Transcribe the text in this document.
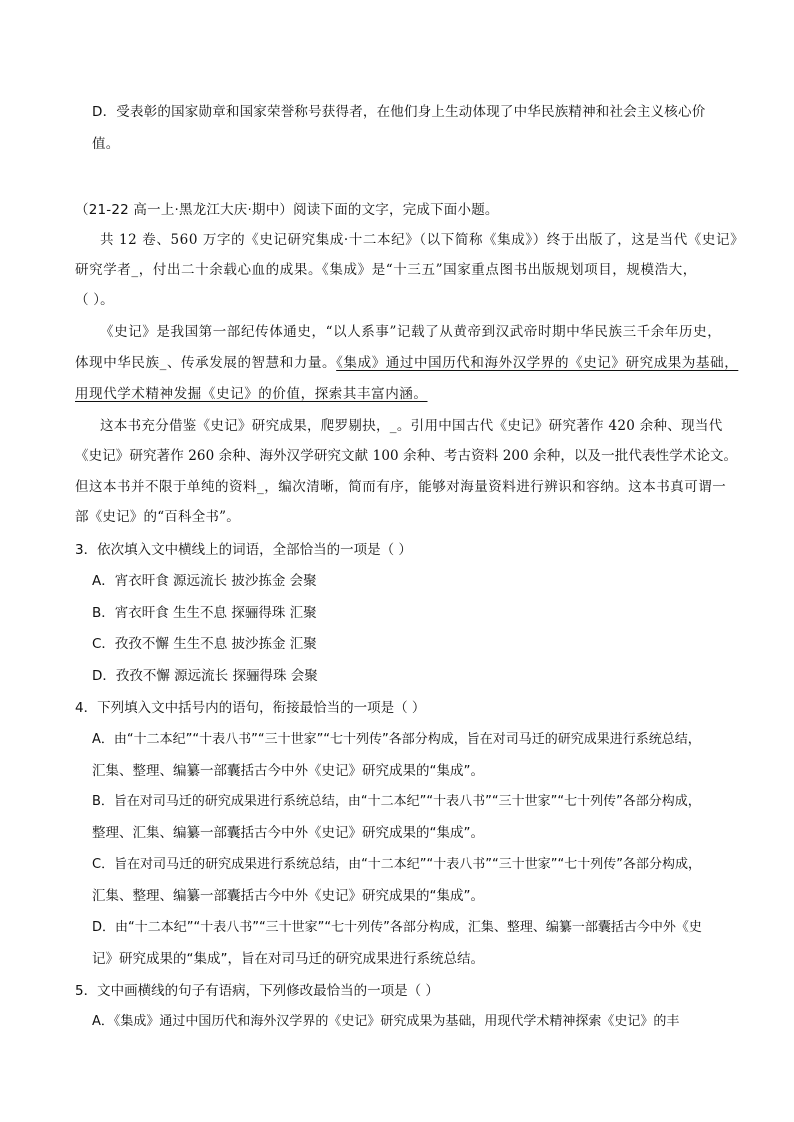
D．受表彰的国家勋章和国家荣誉称号获得者，在他们身上生动体现了中华民族精神和社会主义核心价
值。
（21-22 高一上·黑龙江大庆·期中）阅读下面的文字，完成下面小题。
共 12 卷、560 万字的《史记研究集成·十二本纪》（以下简称《集成》）终于出版了，这是当代《史记》
研究学者_，付出二十余载心血的成果。《集成》是“十三五”国家重点图书出版规划项目，规模浩大，
（ ）。
《史记》是我国第一部纪传体通史，“以人系事”记载了从黄帝到汉武帝时期中华民族三千余年历史，
体现中华民族_、传承发展的智慧和力量。《集成》通过中国历代和海外汉学界的《史记》研究成果为基础，
用现代学术精神发掘《史记》的价值，探索其丰富内涵。
这本书充分借鉴《史记》研究成果，爬罗剔抉，_。引用中国古代《史记》研究著作 420 余种、现当代
《史记》研究著作 260 余种、海外汉学研究文献 100 余种、考古资料 200 余种，以及一批代表性学术论文。
但这本书并不限于单纯的资料_，编次清晰，简而有序，能够对海量资料进行辨识和容纳。这本书真可谓一
部《史记》的“百科全书”。
3．依次填入文中横线上的词语，全部恰当的一项是（ ）
A．宵衣旰食 源远流长 披沙拣金 会聚
B．宵衣旰食 生生不息 探骊得珠 汇聚
C．孜孜不懈 生生不息 披沙拣金 汇聚
D．孜孜不懈 源远流长 探骊得珠 会聚
4．下列填入文中括号内的语句，衔接最恰当的一项是（ ）
A．由“十二本纪”“十表八书”“三十世家”“七十列传”各部分构成，旨在对司马迁的研究成果进行系统总结，
汇集、整理、编纂一部囊括古今中外《史记》研究成果的“集成”。
B．旨在对司马迁的研究成果进行系统总结，由“十二本纪”“十表八书”“三十世家”“七十列传”各部分构成，
整理、汇集、编纂一部囊括古今中外《史记》研究成果的“集成”。
C．旨在对司马迁的研究成果进行系统总结，由“十二本纪”“十表八书”“三十世家”“七十列传”各部分构成，
汇集、整理、编纂一部囊括古今中外《史记》研究成果的“集成”。
D．由“十二本纪”“十表八书”“三十世家”“七十列传”各部分构成，汇集、整理、编纂一部囊括古今中外《史
记》研究成果的“集成”，旨在对司马迁的研究成果进行系统总结。
5．文中画横线的句子有语病，下列修改最恰当的一项是（ ）
A．《集成》通过中国历代和海外汉学界的《史记》研究成果为基础，用现代学术精神探索《史记》的丰
